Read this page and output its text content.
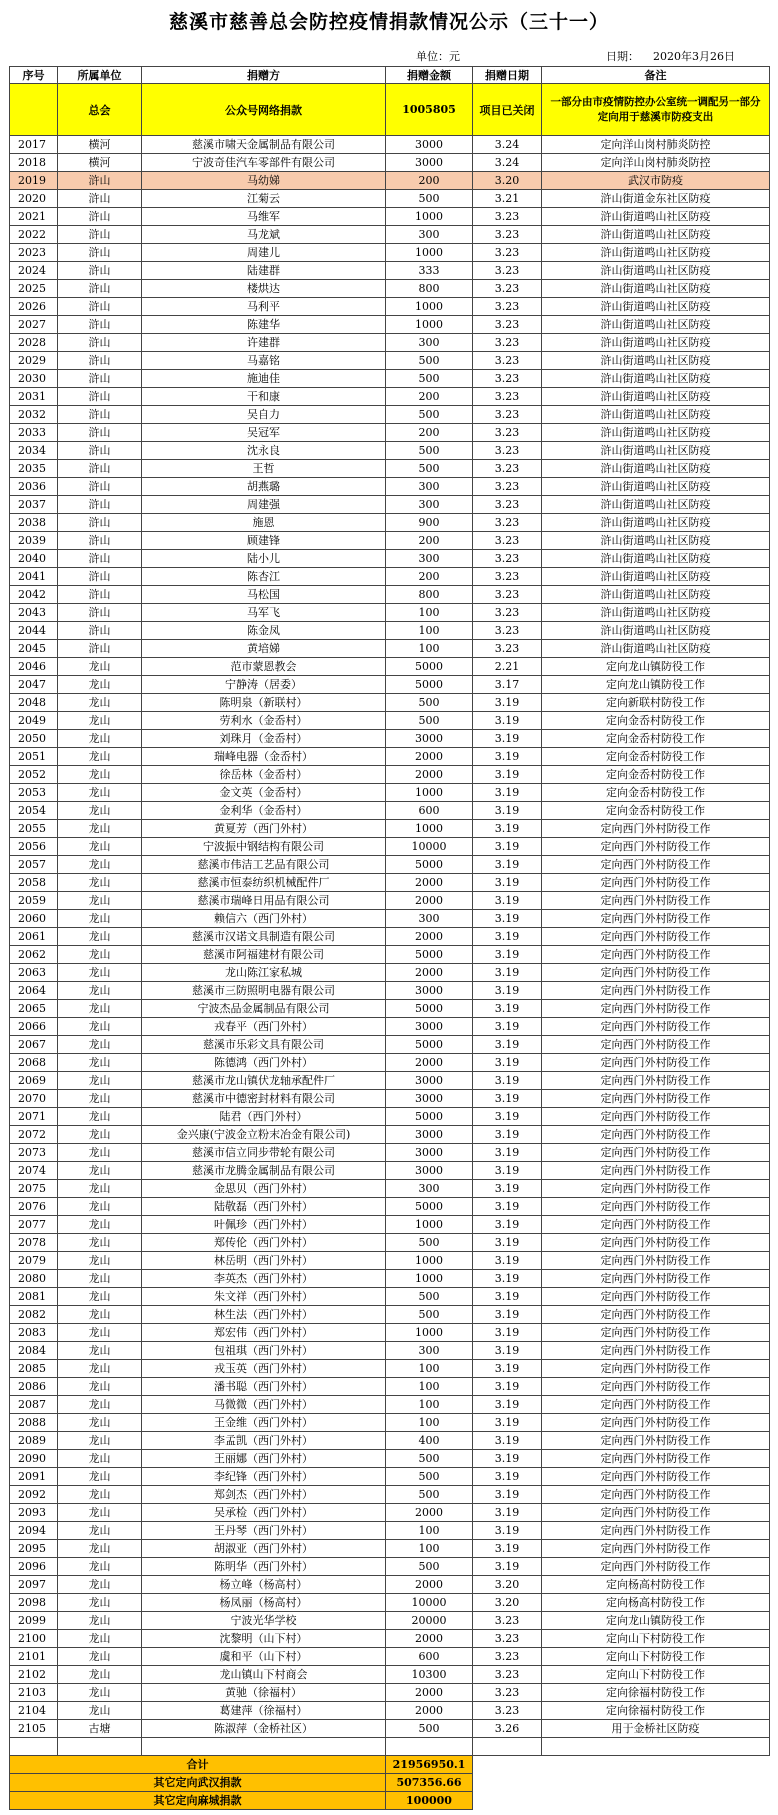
慈溪市慈善总会防控疫情捐款情况公示（三十一）
单位：元	日期： 2020年3月26日
序号	所属单位	捐赠方	捐赠金额	捐赠日期	备注
	总会	公众号网络捐款	1005805	项目已关闭	一部分由市疫情防控办公室统一调配另一部分定向用于慈溪市防疫支出
2017	横河	慈溪市啸天金属制品有限公司	3000	3.24	定向洋山岗村肺炎防控
2018	横河	宁波奇佳汽车零部件有限公司	3000	3.24	定向洋山岗村肺炎防控
2019	浒山	马幼娣	200	3.20	武汉市防疫
2020	浒山	江菊云	500	3.21	浒山街道金东社区防疫
2021	浒山	马维军	1000	3.23	浒山街道鸣山社区防疫
2022	浒山	马龙斌	300	3.23	浒山街道鸣山社区防疫
2023	浒山	周建儿	1000	3.23	浒山街道鸣山社区防疫
2024	浒山	陆建群	333	3.23	浒山街道鸣山社区防疫
2025	浒山	楼烘达	800	3.23	浒山街道鸣山社区防疫
2026	浒山	马利平	1000	3.23	浒山街道鸣山社区防疫
2027	浒山	陈建华	1000	3.23	浒山街道鸣山社区防疫
2028	浒山	许建群	300	3.23	浒山街道鸣山社区防疫
2029	浒山	马嘉铭	500	3.23	浒山街道鸣山社区防疫
2030	浒山	施迪佳	500	3.23	浒山街道鸣山社区防疫
2031	浒山	干和康	200	3.23	浒山街道鸣山社区防疫
2032	浒山	吴自力	500	3.23	浒山街道鸣山社区防疫
2033	浒山	吴冠军	200	3.23	浒山街道鸣山社区防疫
2034	浒山	沈永良	500	3.23	浒山街道鸣山社区防疫
2035	浒山	王哲	500	3.23	浒山街道鸣山社区防疫
2036	浒山	胡燕璐	300	3.23	浒山街道鸣山社区防疫
2037	浒山	周建强	300	3.23	浒山街道鸣山社区防疫
2038	浒山	施恩	900	3.23	浒山街道鸣山社区防疫
2039	浒山	顾建锋	200	3.23	浒山街道鸣山社区防疫
2040	浒山	陆小儿	300	3.23	浒山街道鸣山社区防疫
2041	浒山	陈杏江	200	3.23	浒山街道鸣山社区防疫
2042	浒山	马松国	800	3.23	浒山街道鸣山社区防疫
2043	浒山	马军飞	100	3.23	浒山街道鸣山社区防疫
2044	浒山	陈金凤	100	3.23	浒山街道鸣山社区防疫
2045	浒山	黄培娣	100	3.23	浒山街道鸣山社区防疫
2046	龙山	范市蒙恩教会	5000	2.21	定向龙山镇防役工作
2047	龙山	宁静涛（居委）	5000	3.17	定向龙山镇防役工作
2048	龙山	陈明泉（新联村）	500	3.19	定向新联村防役工作
2049	龙山	劳利水（金岙村）	500	3.19	定向金岙村防役工作
2050	龙山	刘珠月（金岙村）	3000	3.19	定向金岙村防役工作
2051	龙山	瑞峰电器（金岙村）	2000	3.19	定向金岙村防役工作
2052	龙山	徐岳林（金岙村）	2000	3.19	定向金岙村防役工作
2053	龙山	金文英（金岙村）	1000	3.19	定向金岙村防役工作
2054	龙山	金利华（金岙村）	600	3.19	定向金岙村防役工作
2055	龙山	黄夏芳（西门外村）	1000	3.19	定向西门外村防役工作
2056	龙山	宁波振中钢结构有限公司	10000	3.19	定向西门外村防役工作
2057	龙山	慈溪市伟洁工艺品有限公司	5000	3.19	定向西门外村防役工作
2058	龙山	慈溪市恒泰纺织机械配件厂	2000	3.19	定向西门外村防役工作
2059	龙山	慈溪市瑞峰日用品有限公司	2000	3.19	定向西门外村防役工作
2060	龙山	赖信六（西门外村）	300	3.19	定向西门外村防役工作
2061	龙山	慈溪市汉诺文具制造有限公司	2000	3.19	定向西门外村防役工作
2062	龙山	慈溪市阿福建材有限公司	5000	3.19	定向西门外村防役工作
2063	龙山	龙山陈江家私城	2000	3.19	定向西门外村防役工作
2064	龙山	慈溪市三防照明电器有限公司	3000	3.19	定向西门外村防役工作
2065	龙山	宁波杰品金属制品有限公司	5000	3.19	定向西门外村防役工作
2066	龙山	戎春平（西门外村）	3000	3.19	定向西门外村防役工作
2067	龙山	慈溪市乐彩文具有限公司	5000	3.19	定向西门外村防役工作
2068	龙山	陈德鸿（西门外村）	2000	3.19	定向西门外村防役工作
2069	龙山	慈溪市龙山镇伏龙轴承配件厂	3000	3.19	定向西门外村防役工作
2070	龙山	慈溪市中德密封材料有限公司	3000	3.19	定向西门外村防役工作
2071	龙山	陆君（西门外村）	5000	3.19	定向西门外村防役工作
2072	龙山	金兴康(宁波金立粉末冶金有限公司)	3000	3.19	定向西门外村防役工作
2073	龙山	慈溪市信立同步带轮有限公司	3000	3.19	定向西门外村防役工作
2074	龙山	慈溪市龙腾金属制品有限公司	3000	3.19	定向西门外村防役工作
2075	龙山	金思贝（西门外村）	300	3.19	定向西门外村防役工作
2076	龙山	陆敬磊（西门外村）	5000	3.19	定向西门外村防役工作
2077	龙山	叶佩珍（西门外村）	1000	3.19	定向西门外村防役工作
2078	龙山	郑传伦（西门外村）	500	3.19	定向西门外村防役工作
2079	龙山	林岳明（西门外村）	1000	3.19	定向西门外村防役工作
2080	龙山	李英杰（西门外村）	1000	3.19	定向西门外村防役工作
2081	龙山	朱文祥（西门外村）	500	3.19	定向西门外村防役工作
2082	龙山	林生法（西门外村）	500	3.19	定向西门外村防役工作
2083	龙山	郑宏伟（西门外村）	1000	3.19	定向西门外村防役工作
2084	龙山	包祖琪（西门外村）	300	3.19	定向西门外村防役工作
2085	龙山	戎玉英（西门外村）	100	3.19	定向西门外村防役工作
2086	龙山	潘书聪（西门外村）	100	3.19	定向西门外村防役工作
2087	龙山	马微微（西门外村）	100	3.19	定向西门外村防役工作
2088	龙山	王金维（西门外村）	100	3.19	定向西门外村防役工作
2089	龙山	李孟凯（西门外村）	400	3.19	定向西门外村防役工作
2090	龙山	王丽娜（西门外村）	500	3.19	定向西门外村防役工作
2091	龙山	李纪锋（西门外村）	500	3.19	定向西门外村防役工作
2092	龙山	郑剑杰（西门外村）	500	3.19	定向西门外村防役工作
2093	龙山	吴承检（西门外村）	2000	3.19	定向西门外村防役工作
2094	龙山	王丹琴（西门外村）	100	3.19	定向西门外村防役工作
2095	龙山	胡淑亚（西门外村）	100	3.19	定向西门外村防役工作
2096	龙山	陈明华（西门外村）	500	3.19	定向西门外村防役工作
2097	龙山	杨立峰（杨高村）	2000	3.20	定向杨高村防役工作
2098	龙山	杨凤丽（杨高村）	10000	3.20	定向杨高村防役工作
2099	龙山	宁波光华学校	20000	3.23	定向龙山镇防役工作
2100	龙山	沈黎明（山下村）	2000	3.23	定向山下村防役工作
2101	龙山	虞和平（山下村）	600	3.23	定向山下村防役工作
2102	龙山	龙山镇山下村商会	10300	3.23	定向山下村防役工作
2103	龙山	黄驰（徐福村）	2000	3.23	定向徐福村防役工作
2104	龙山	葛建萍（徐福村）	2000	3.23	定向徐福村防役工作
2105	古塘	陈淑萍（金桥社区）	500	3.26	用于金桥社区防疫

合计			21956950.1		
其它定向武汉捐款			507356.66		
其它定向麻城捐款			100000		
